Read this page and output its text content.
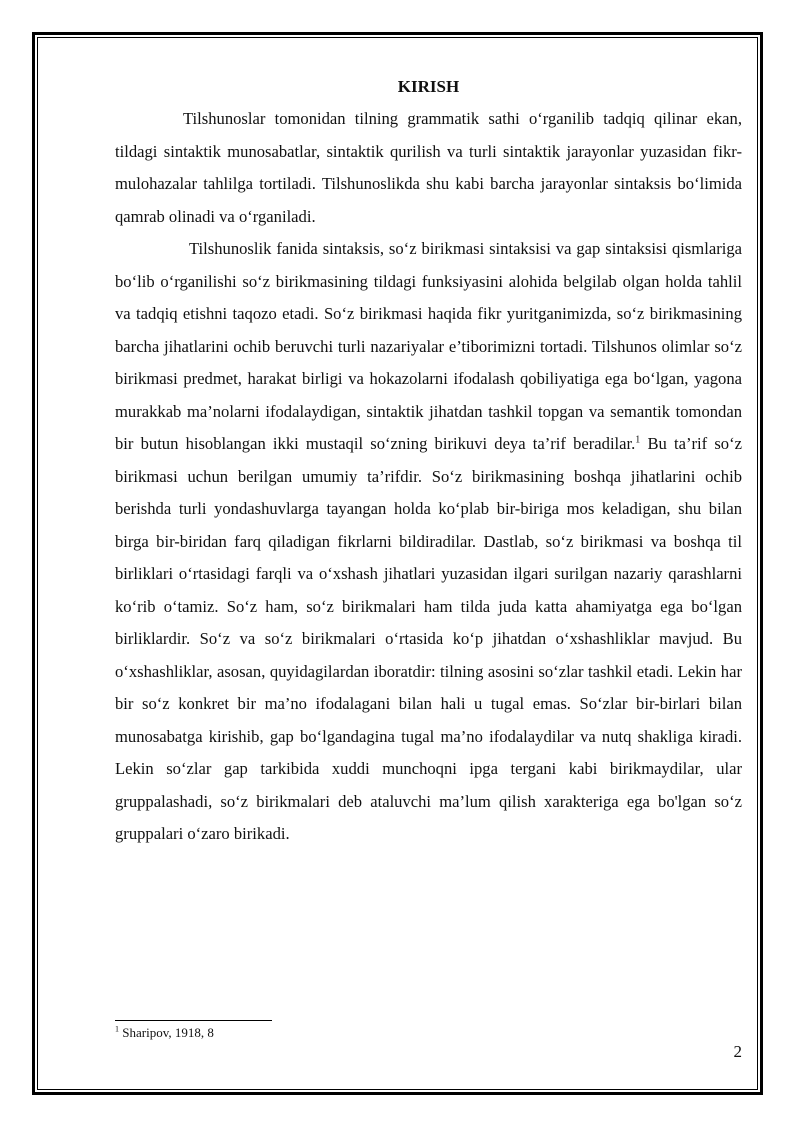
KIRISH

Tilshunoslar tomonidan tilning grammatik sathi o‘rganilib tadqiq qilinar ekan, tildagi sintaktik munosabatlar, sintaktik qurilish va turli sintaktik jarayonlar yuzasidan fikr-mulohazalar tahlilga tortiladi. Tilshunoslikda shu kabi barcha jarayonlar sintaksis bo‘limida qamrab olinadi va o‘rganiladi.

Tilshunoslik fanida sintaksis, so‘z birikmasi sintaksisi va gap sintaksisi qismlariga bo‘lib o‘rganilishi so‘z birikmasining tildagi funksiyasini alohida belgilab olgan holda tahlil va tadqiq etishni taqozo etadi. So‘z birikmasi haqida fikr yuritganimizda, so‘z birikmasining barcha jihatlarini ochib beruvchi turli nazariyalar e’tiborimizni tortadi. Tilshunos olimlar so‘z birikmasi predmet, harakat birligi va hokazolarni ifodalash qobiliyatiga ega bo‘lgan, yagona murakkab ma’nolarni ifodalaydigan, sintaktik jihatdan tashkil topgan va semantik tomondan bir butun hisoblangan ikki mustaqil so‘zning birikuvi deya ta’rif beradilar.$^1$ Bu ta’rif so‘z birikmasi uchun berilgan umumiy ta’rifdir. So‘z birikmasining boshqa jihatlarini ochib berishda turli yondashuvlarga tayangan holda ko‘plab bir-biriga mos keladigan, shu bilan birga bir-biridan farq qiladigan fikrlarni bildiradilar. Dastlab, so‘z birikmasi va boshqa til birliklari o‘rtasidagi farqli va o‘xshash jihatlari yuzasidan ilgari surilgan nazariy qarashlarni ko‘rib o‘tamiz. So‘z ham, so‘z birikmalari ham tilda juda katta ahamiyatga ega bo‘lgan birliklardir. So‘z va so‘z birikmalari o‘rtasida ko‘p jihatdan o‘xshashliklar mavjud. Bu o‘xshashliklar, asosan, quyidagilardan iboratdir: tilning asosini so‘zlar tashkil etadi. Lekin har bir so‘z konkret bir ma’no ifodalagani bilan hali u tugal emas. So‘zlar bir-birlari bilan munosabatga kirishib, gap bo‘lgandagina tugal ma’no ifodalaydilar va nutq shakliga kiradi. Lekin so‘zlar gap tarkibida xuddi munchoqni ipga tergani kabi birikmaydilar, ular gruppalashadi, so‘z birikmalari deb ataluvchi ma’lum qilish xarakteriga ega bo'lgan so‘z gruppalari o‘zaro birikadi.

$^1$ Sharipov, 1918, 8
2
